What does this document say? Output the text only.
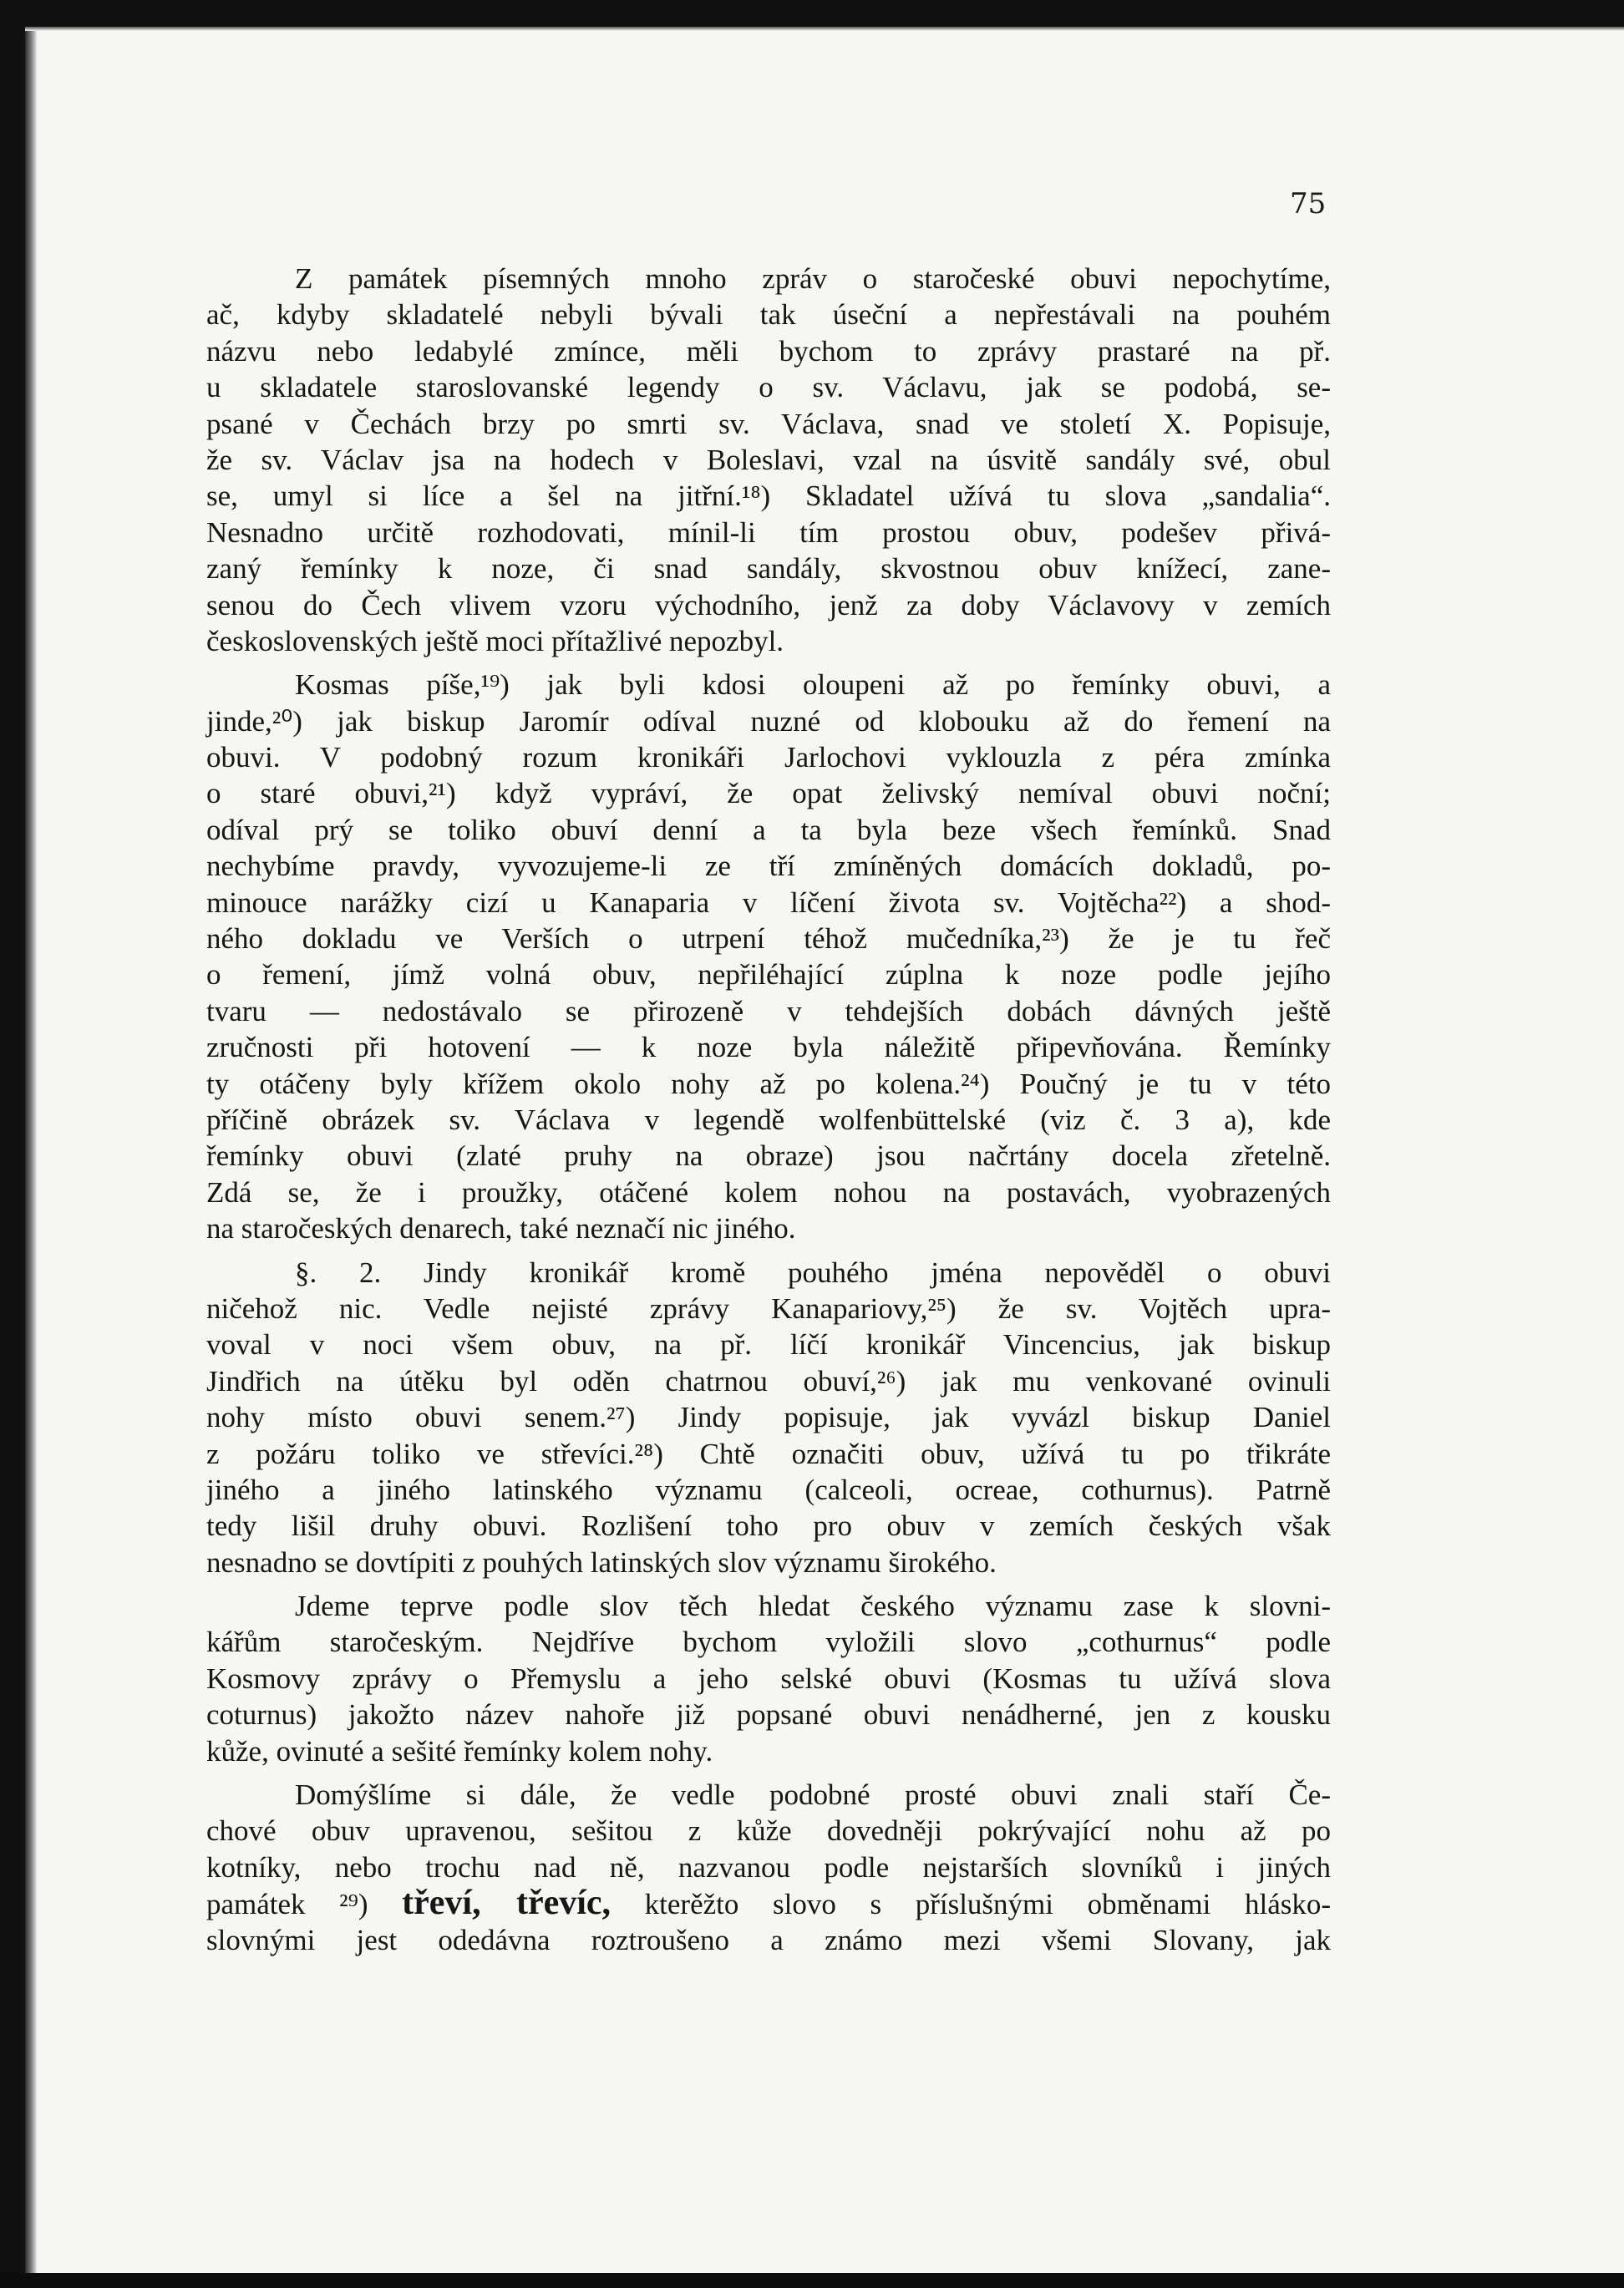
75
Z památek písemných mnoho zpráv o staročeské obuvi nepochytíme,
ač, kdyby skladatelé nebyli bývali tak úseční a nepřestávali na pouhém
názvu nebo ledabylé zmínce, měli bychom to zprávy prastaré na př.
u skladatele staroslovanské legendy o sv. Václavu, jak se podobá, se-
psané v Čechách brzy po smrti sv. Václava, snad ve století X. Popisuje,
že sv. Václav jsa na hodech v Boleslavi, vzal na úsvitě sandály své, obul
se, umyl si líce a šel na jitřní.¹⁸) Skladatel užívá tu slova „sandalia“.
Nesnadno určitě rozhodovati, mínil-li tím prostou obuv, podešev přivá-
zaný řemínky k noze, či snad sandály, skvostnou obuv knížecí, zane-
senou do Čech vlivem vzoru východního, jenž za doby Václavovy v zemích
československých ještě moci přítažlivé nepozbyl.
Kosmas píše,¹⁹) jak byli kdosi oloupeni až po řemínky obuvi, a
jinde,²⁰) jak biskup Jaromír odíval nuzné od klobouku až do řemení na
obuvi. V podobný rozum kronikáři Jarlochovi vyklouzla z péra zmínka
o staré obuvi,²¹) když vypráví, že opat želivský nemíval obuvi noční;
odíval prý se toliko obuví denní a ta byla beze všech řemínků. Snad
nechybíme pravdy, vyvozujeme-li ze tří zmíněných domácích dokladů, po-
minouce narážky cizí u Kanaparia v líčení života sv. Vojtěcha²²) a shod-
ného dokladu ve Verších o utrpení téhož mučedníka,²³) že je tu řeč
o řemení, jímž volná obuv, nepřiléhající zúplna k noze podle jejího
tvaru — nedostávalo se přirozeně v tehdejších dobách dávných ještě
zručnosti při hotovení — k noze byla náležitě připevňována. Řemínky
ty otáčeny byly křížem okolo nohy až po kolena.²⁴) Poučný je tu v této
příčině obrázek sv. Václava v legendě wolfenbüttelské (viz č. 3 a), kde
řemínky obuvi (zlaté pruhy na obraze) jsou načrtány docela zřetelně.
Zdá se, že i proužky, otáčené kolem nohou na postavách, vyobrazených
na staročeských denarech, také neznačí nic jiného.
§. 2. Jindy kronikář kromě pouhého jména nepověděl o obuvi
ničehož nic. Vedle nejisté zprávy Kanapariovy,²⁵) že sv. Vojtěch upra-
voval v noci všem obuv, na př. líčí kronikář Vincencius, jak biskup
Jindřich na útěku byl oděn chatrnou obuví,²⁶) jak mu venkované ovinuli
nohy místo obuvi senem.²⁷) Jindy popisuje, jak vyvázl biskup Daniel
z požáru toliko ve střevíci.²⁸) Chtě označiti obuv, užívá tu po třikráte
jiného a jiného latinského významu (calceoli, ocreae, cothurnus). Patrně
tedy lišil druhy obuvi. Rozlišení toho pro obuv v zemích českých však
nesnadno se dovtípiti z pouhých latinských slov významu širokého.
Jdeme teprve podle slov těch hledat českého významu zase k slovni-
kářům staročeským. Nejdříve bychom vyložili slovo „cothurnus“ podle
Kosmovy zprávy o Přemyslu a jeho selské obuvi (Kosmas tu užívá slova
coturnus) jakožto název nahoře již popsané obuvi nenádherné, jen z kousku
kůže, ovinuté a sešité řemínky kolem nohy.
Domýšlíme si dále, že vedle podobné prosté obuvi znali staří Če-
chové obuv upravenou, sešitou z kůže dovedněji pokrývající nohu až po
kotníky, nebo trochu nad ně, nazvanou podle nejstarších slovníků i jiných
památek ²⁹) třeví, třevíc, kterěžto slovo s příslušnými obměnami hlásko-
slovnými jest odedávna roztroušeno a známo mezi všemi Slovany, jak
